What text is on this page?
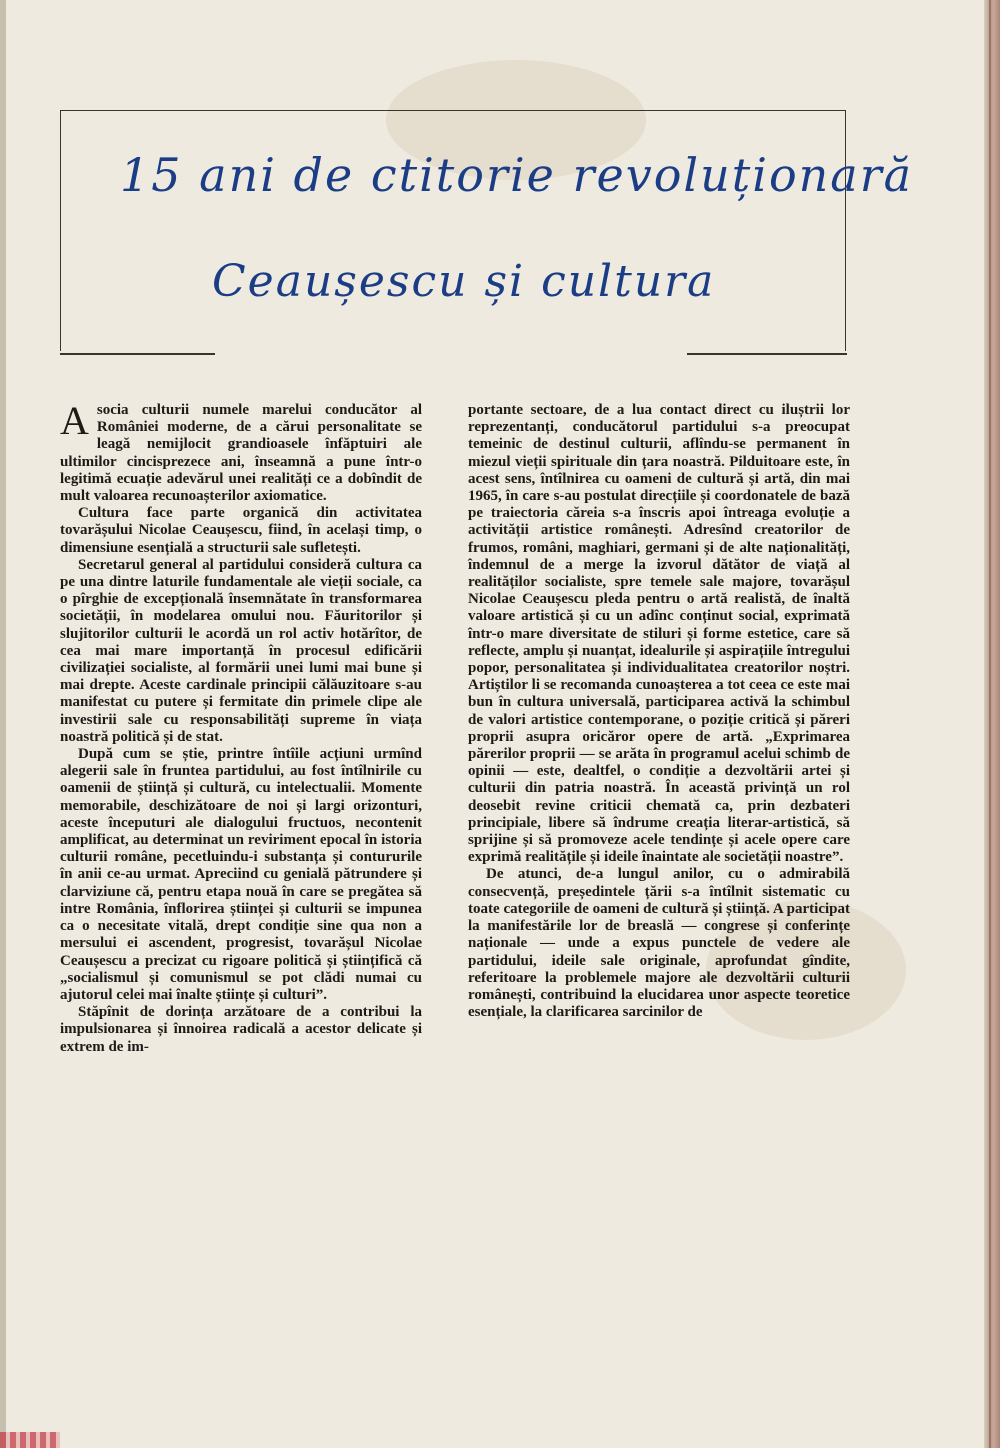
15 ani de ctitorie revoluționară
Ceaușescu și cultura

Asocia culturii numele marelui conducător al României moderne, de a cărui personalitate se leagă nemijlocit grandioasele înfăptuiri ale ultimilor cincisprezece ani, înseamnă a pune într-o legitimă ecuație adevărul unei realități ce a dobîndit de mult valoarea recunoașterilor axiomatice.

Cultura face parte organică din activitatea tovarășului Nicolae Ceaușescu, fiind, în același timp, o dimensiune esențială a structurii sale sufletești.

Secretarul general al partidului consideră cultura ca pe una dintre laturile fundamentale ale vieții sociale, ca o pîrghie de excepțională însemnătate în transformarea societății, în modelarea omului nou. Făuritorilor și slujitorilor culturii le acordă un rol activ hotărîtor, de cea mai mare importanță în procesul edificării civilizației socialiste, al formării unei lumi mai bune și mai drepte. Aceste cardinale principii călăuzitoare s-au manifestat cu putere și fermitate din primele clipe ale investirii sale cu responsabilități supreme în viața noastră politică și de stat.

După cum se știe, printre întîile acțiuni urmînd alegerii sale în fruntea partidului, au fost întîlnirile cu oamenii de știință și cultură, cu intelectualii. Momente memorabile, deschizătoare de noi și largi orizonturi, aceste începuturi ale dialogului fructuos, necontenit amplificat, au determinat un reviriment epocal în istoria culturii române, pecetluindu-i substanța și contururile în anii ce-au urmat. Apreciind cu genială pătrundere și clarviziune că, pentru etapa nouă în care se pregătea să intre România, înflorirea științei și culturii se impunea ca o necesitate vitală, drept condiție sine qua non a mersului ei ascendent, progresist, tovarășul Nicolae Ceaușescu a precizat cu rigoare politică și științifică că „socialismul și comunismul se pot clădi numai cu ajutorul celei mai înalte științe și culturi”.

Stăpînit de dorința arzătoare de a contribui la impulsionarea și înnoirea radicală a acestor delicate și extrem de im-

portante sectoare, de a lua contact direct cu iluștrii lor reprezentanți, conducătorul partidului s-a preocupat temeinic de destinul culturii, aflîndu-se permanent în miezul vieții spirituale din țara noastră. Pilduitoare este, în acest sens, întîlnirea cu oameni de cultură și artă, din mai 1965, în care s-au postulat direcțiile și coordonatele de bază pe traiectoria căreia s-a înscris apoi întreaga evoluție a activității artistice românești. Adresînd creatorilor de frumos, români, maghiari, germani și de alte naționalități, îndemnul de a merge la izvorul dătător de viață al realităților socialiste, spre temele sale majore, tovarășul Nicolae Ceaușescu pleda pentru o artă realistă, de înaltă valoare artistică și cu un adînc conținut social, exprimată într-o mare diversitate de stiluri și forme estetice, care să reflecte, amplu și nuanțat, idealurile și aspirațiile întregului popor, personalitatea și individualitatea creatorilor noștri. Artiștilor li se recomanda cunoașterea a tot ceea ce este mai bun în cultura universală, participarea activă la schimbul de valori artistice contemporane, o poziție critică și păreri proprii asupra oricăror opere de artă. „Exprimarea părerilor proprii — se arăta în programul acelui schimb de opinii — este, dealtfel, o condiție a dezvoltării artei și culturii din patria noastră. În această privință un rol deosebit revine criticii chemată ca, prin dezbateri principiale, libere să îndrume creația literar-artistică, să sprijine și să promoveze acele tendințe și acele opere care exprimă realitățile și ideile înaintate ale societății noastre”.

De atunci, de-a lungul anilor, cu o admirabilă consecvență, președintele țării s-a întîlnit sistematic cu toate categoriile de oameni de cultură și știință. A participat la manifestările lor de breaslă — congrese și conferințe naționale — unde a expus punctele de vedere ale partidului, ideile sale originale, aprofundat gîndite, referitoare la problemele majore ale dezvoltării culturii românești, contribuind la elucidarea unor aspecte teoretice esențiale, la clarificarea sarcinilor de
